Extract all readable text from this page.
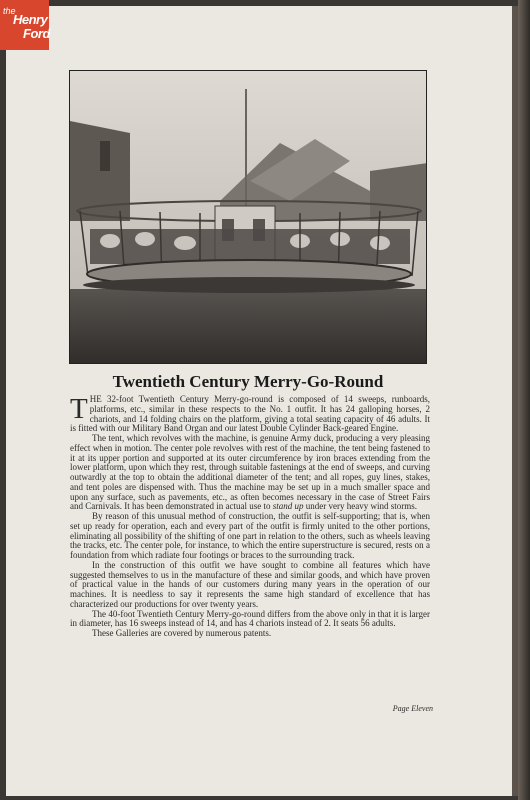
Twentieth Century Merry-Go-Round

THE 32-foot Twentieth Century Merry-go-round is composed of 14 sweeps, runboards, platforms, etc., similar in these respects to the No. 1 outfit. It has 24 galloping horses, 2 chariots, and 14 folding chairs on the platform, giving a total seating capacity of 46 adults. It is fitted with our Military Band Organ and our latest Double Cylinder Back-geared Engine.

The tent, which revolves with the machine, is genuine Army duck, producing a very pleasing effect when in motion. The center pole revolves with rest of the machine, the tent being fastened to it at its upper portion and supported at its outer circumference by iron braces extending from the lower platform, upon which they rest, through suitable fastenings at the end of sweeps, and curving outwardly at the top to obtain the additional diameter of the tent; and all ropes, guy lines, stakes, and tent poles are dispensed with. Thus the machine may be set up in a much smaller space and upon any surface, such as pavements, etc., as often becomes necessary in the case of Street Fairs and Carnivals. It has been demonstrated in actual use to stand up under very heavy wind storms.

By reason of this unusual method of construction, the outfit is self-supporting; that is, when set up ready for operation, each and every part of the outfit is firmly united to the other portions, eliminating all possibility of the shifting of one part in relation to the others, such as wheels leaving the tracks, etc. The center pole, for instance, to which the entire superstructure is secured, rests on a foundation from which radiate four footings or braces to the surrounding track.

In the construction of this outfit we have sought to combine all features which have suggested themselves to us in the manufacture of these and similar goods, and which have proven of practical value in the hands of our customers during many years in the operation of our machines. It is needless to say it represents the same high standard of excellence that has characterized our productions for over twenty years.

The 40-foot Twentieth Century Merry-go-round differs from the above only in that it is larger in diameter, has 16 sweeps instead of 14, and has 4 chariots instead of 2. It seats 56 adults.

These Galleries are covered by numerous patents.

Page Eleven
the
Henry
Ford
